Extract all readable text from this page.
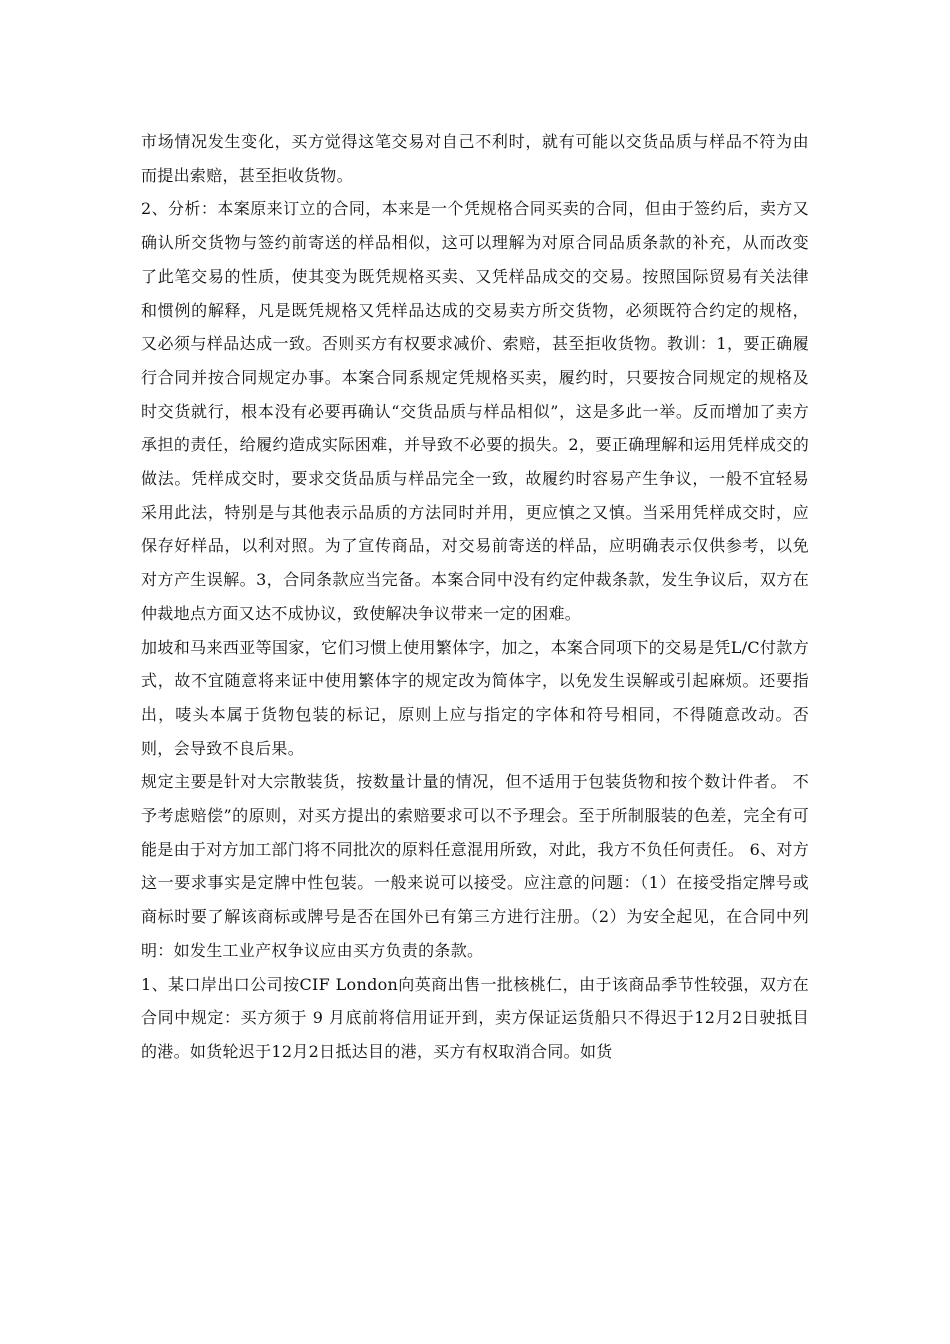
市场情况发生变化，买方觉得这笔交易对自己不利时，就有可能以交货品质与样品不符为由而提出索赔，甚至拒收货物。

2、分析：本案原来订立的合同，本来是一个凭规格合同买卖的合同，但由于签约后，卖方又确认所交货物与签约前寄送的样品相似，这可以理解为对原合同品质条款的补充，从而改变了此笔交易的性质，使其变为既凭规格买卖、又凭样品成交的交易。按照国际贸易有关法律和惯例的解释，凡是既凭规格又凭样品达成的交易卖方所交货物，必须既符合约定的规格，又必须与样品达成一致。否则买方有权要求减价、索赔，甚至拒收货物。教训：1，要正确履行合同并按合同规定办事。本案合同系规定凭规格买卖，履约时，只要按合同规定的规格及时交货就行，根本没有必要再确认“交货品质与样品相似”，这是多此一举。反而增加了卖方承担的责任，给履约造成实际困难，并导致不必要的损失。2，要正确理解和运用凭样成交的做法。凭样成交时，要求交货品质与样品完全一致，故履约时容易产生争议，一般不宜轻易采用此法，特别是与其他表示品质的方法同时并用，更应慎之又慎。当采用凭样成交时，应保存好样品，以利对照。为了宣传商品，对交易前寄送的样品，应明确表示仅供参考，以免对方产生误解。3，合同条款应当完备。本案合同中没有约定仲裁条款，发生争议后，双方在仲裁地点方面又达不成协议，致使解决争议带来一定的困难。

加坡和马来西亚等国家，它们习惯上使用繁体字，加之，本案合同项下的交易是凭L/C付款方式，故不宜随意将来证中使用繁体字的规定改为简体字，以免发生误解或引起麻烦。还要指出，唛头本属于货物包装的标记，原则上应与指定的字体和符号相同，不得随意改动。否则，会导致不良后果。

规定主要是针对大宗散装货，按数量计量的情况，但不适用于包装货物和按个数计件者。 不予考虑赔偿”的原则，对买方提出的索赔要求可以不予理会。至于所制服装的色差，完全有可能是由于对方加工部门将不同批次的原料任意混用所致，对此，我方不负任何责任。 6、对方这一要求事实是定牌中性包装。一般来说可以接受。应注意的问题：（1）在接受指定牌号或商标时要了解该商标或牌号是否在国外已有第三方进行注册。（2）为安全起见，在合同中列明：如发生工业产权争议应由买方负责的条款。

1、某口岸出口公司按CIF London向英商出售一批核桃仁，由于该商品季节性较强，双方在合同中规定：买方须于 9 月底前将信用证开到，卖方保证运货船只不得迟于12月2日驶抵目的港。如货轮迟于12月2日抵达目的港，买方有权取消合同。如货
